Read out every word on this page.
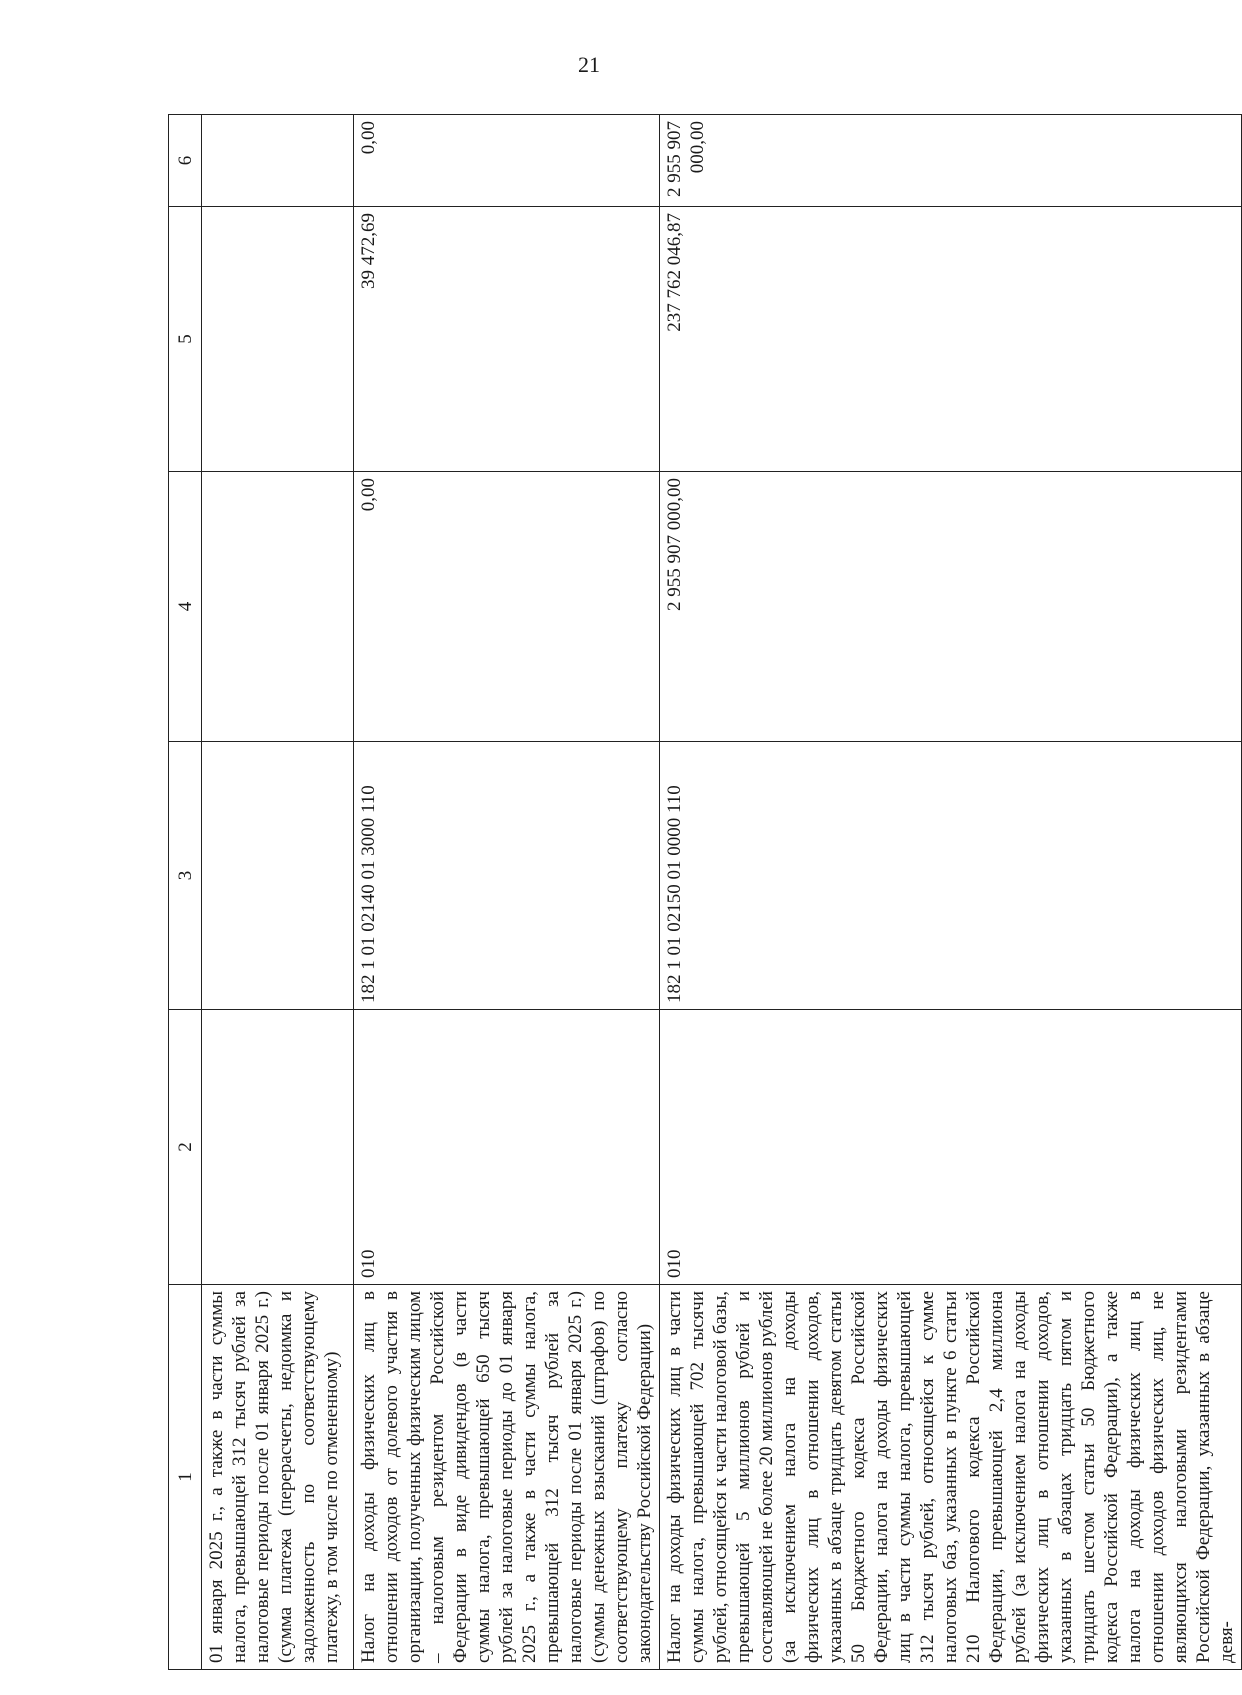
21
1	2	3	4	5	6
01 января 2025 г., а также в части суммы налога, превышающей 312 тысяч рублей за налоговые периоды после 01 января 2025 г.) (сумма платежа (перерасчеты, недоимка и задолженность по соответствующему платежу, в том числе по отмененному)					
Налог на доходы физических лиц в отношении доходов от долевого участия в организации, полученных физическим лицом – налоговым резидентом Российской Федерации в виде дивидендов (в части суммы налога, превышающей 650 тысяч рублей за налоговые периоды до 01 января 2025 г., а также в части суммы налога, превышающей 312 тысяч рублей за налоговые периоды после 01 января 2025 г.) (суммы денежных взысканий (штрафов) по соответствующему платежу согласно законодательству Российской Федерации)	010	182 1 01 02140 01 3000 110	0,00	39 472,69	0,00
Налог на доходы физических лиц в части суммы налога, превышающей 702 тысячи рублей, относящейся к части налоговой базы, превышающей 5 миллионов рублей и составляющей не более 20 миллионов рублей (за исключением налога на доходы физических лиц в отношении доходов, указанных в абзаце тридцать девятом статьи 50 Бюджетного кодекса Российской Федерации, налога на доходы физических лиц в части суммы налога, превышающей 312 тысяч рублей, относящейся к сумме налоговых баз, указанных в пункте 6 статьи 210 Налогового кодекса Российской Федерации, превышающей 2,4 миллиона рублей (за исключением налога на доходы физических лиц в отношении доходов, указанных в абзацах тридцать пятом и тридцать шестом статьи 50 Бюджетного кодекса Российской Федерации), а также налога на доходы физических лиц в отношении доходов физических лиц, не являющихся налоговыми резидентами Российской Федерации, указанных в абзаце девя-	010	182 1 01 02150 01 0000 110	2 955 907 000,00	237 762 046,87	2 955 907 000,00
